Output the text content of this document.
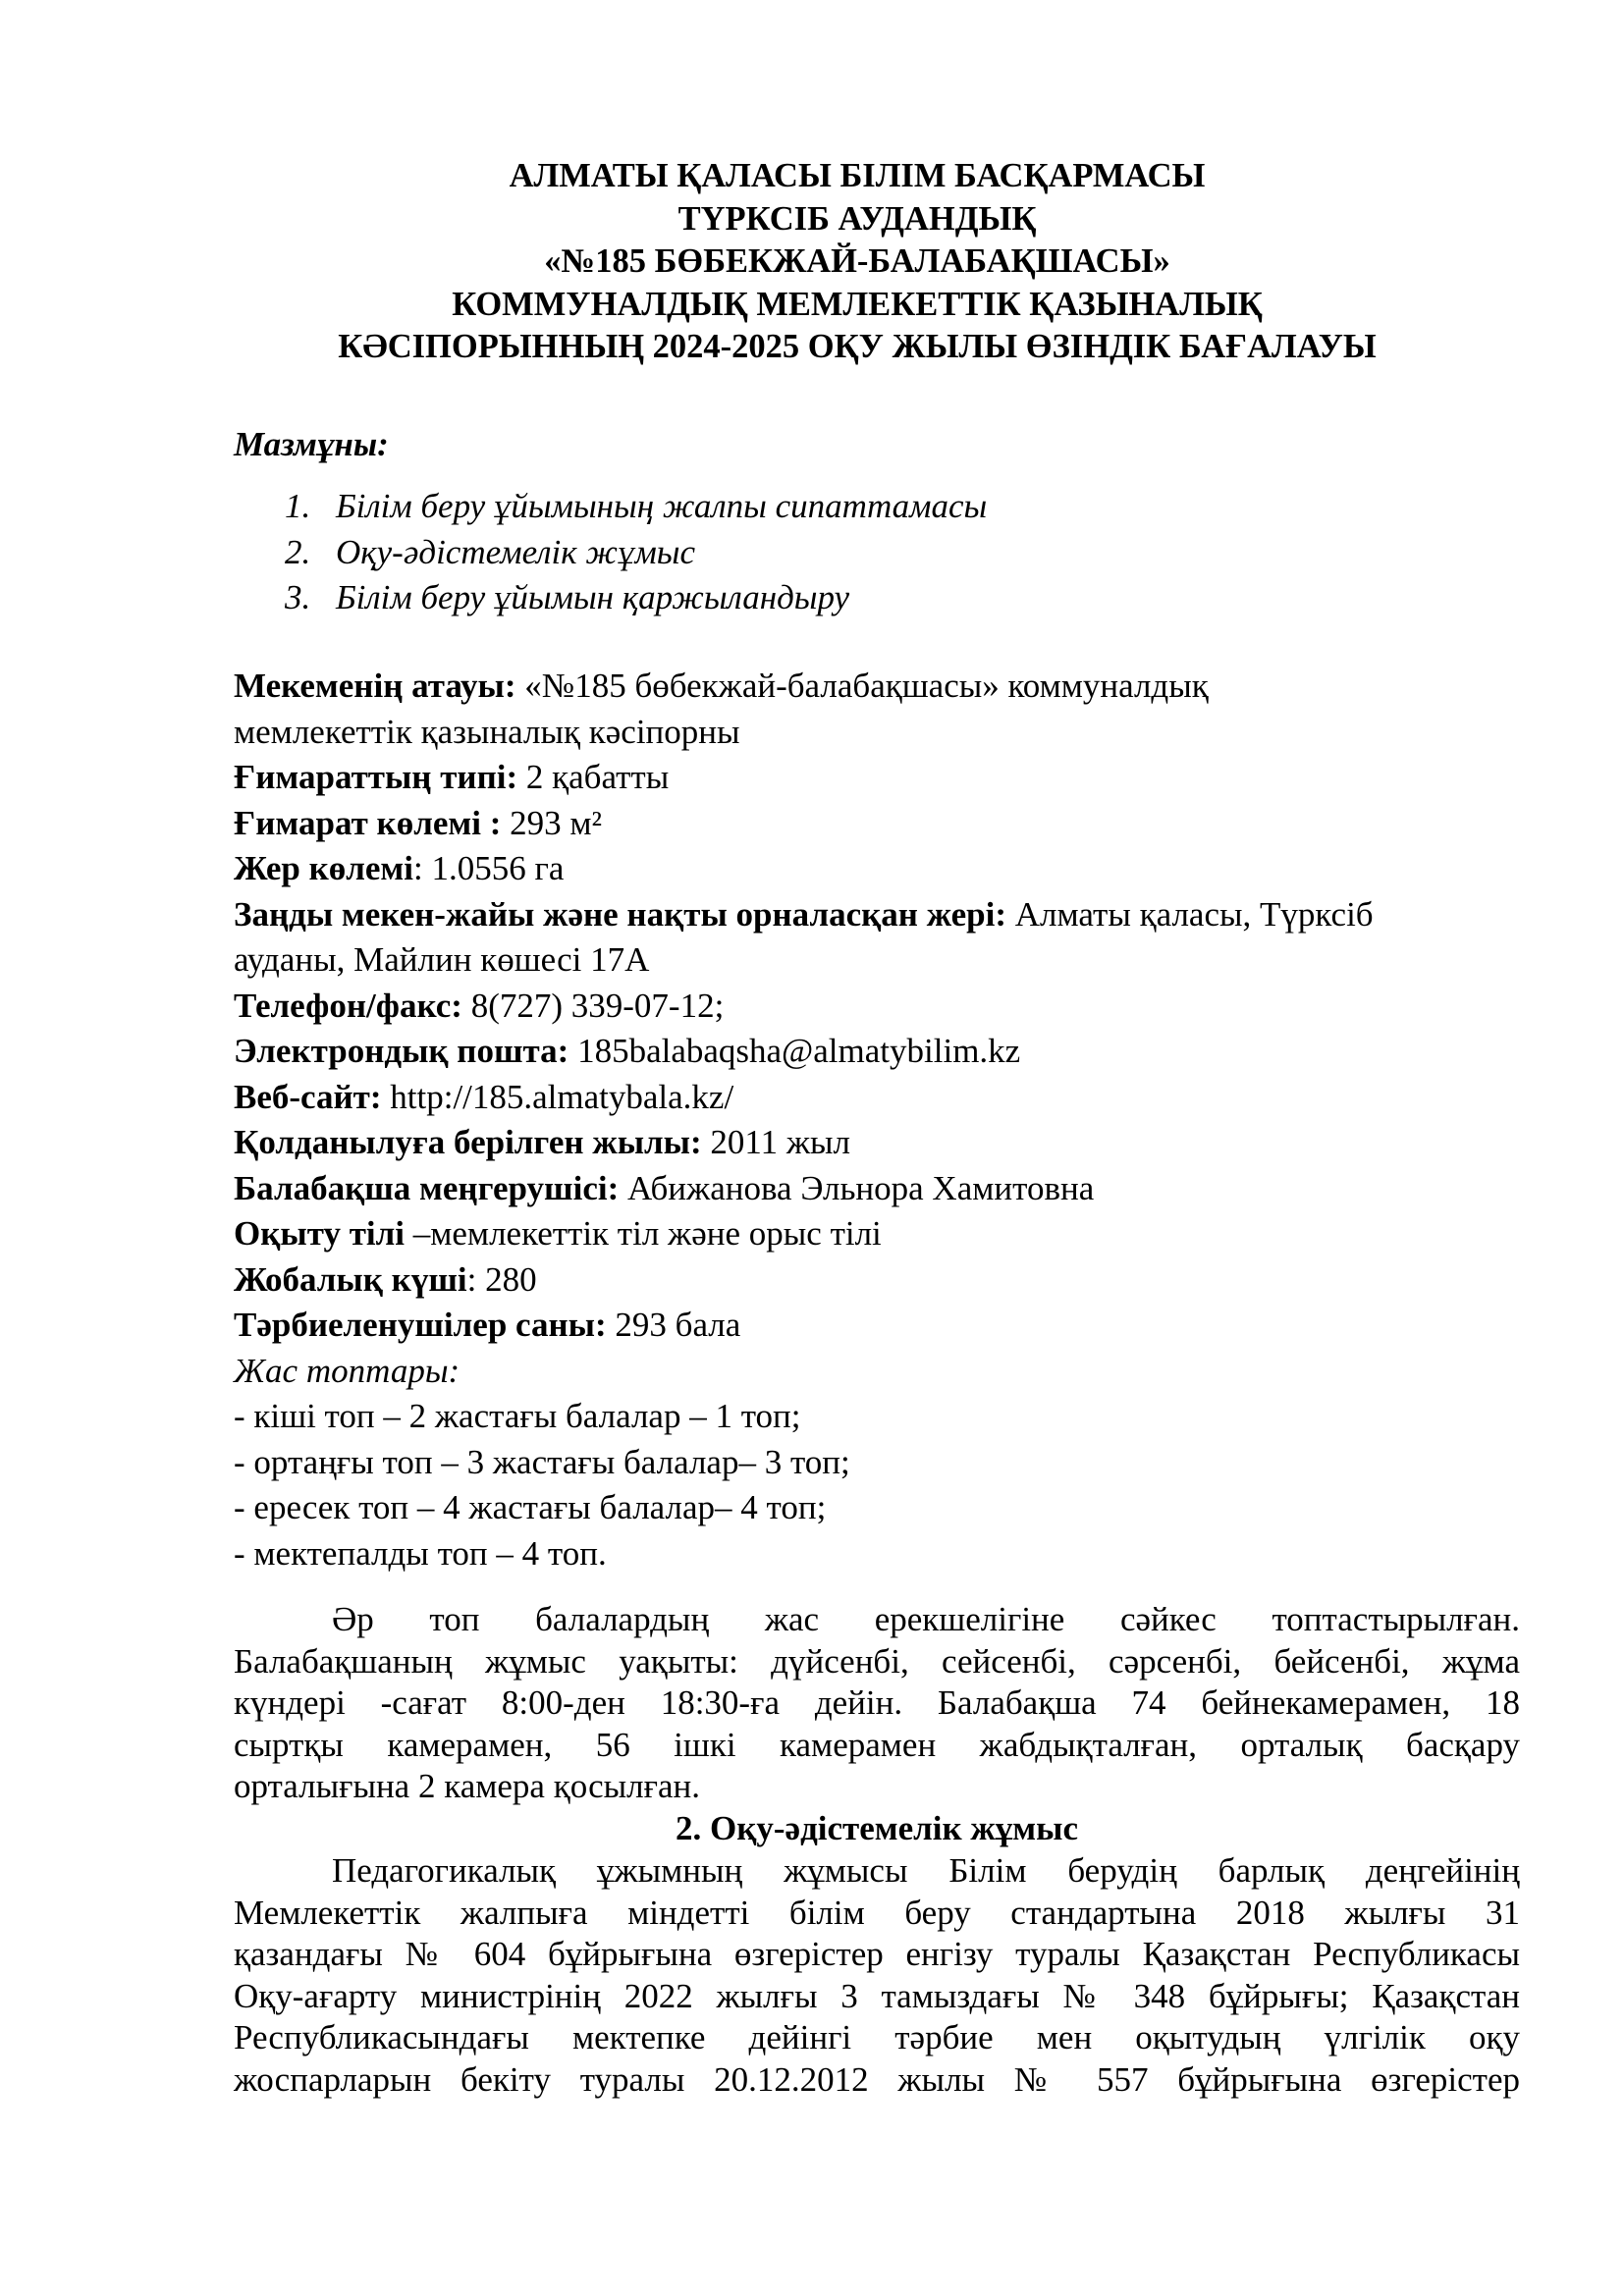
АЛМАТЫ ҚАЛАСЫ БІЛІМ БАСҚАРМАСЫ
ТҮРКСІБ АУДАНДЫҚ
«№185 БӨБЕКЖАЙ-БАЛАБАҚШАСЫ»
КОММУНАЛДЫҚ МЕМЛЕКЕТТІК ҚАЗЫНАЛЫҚ
КӘСІПОРЫННЫҢ 2024-2025 ОҚУ ЖЫЛЫ ӨЗІНДІК БАҒАЛАУЫ
Мазмұны:
1. Білім беру ұйымының жалпы сипаттамасы
2. Оқу-әдістемелік жұмыс
3. Білім беру ұйымын қаржыландыру
Мекеменің атауы: «№185 бөбекжай-балабақшасы» коммуналдық
мемлекеттік қазыналық кәсіпорны
Ғимараттың типі: 2 қабатты
Ғимарат көлемі : 293 м²
Жер көлемі: 1.0556 га
Заңды мекен-жайы және нақты орналасқан жері: Алматы қаласы, Түрксіб
ауданы, Майлин көшесі 17А
Телефон/факс: 8(727) 339-07-12;
Электрондық пошта: 185balabaqsha@almatybilim.kz
Веб-сайт: http://185.almatybala.kz/
Қолданылуға берілген жылы: 2011 жыл
Балабақша меңгерушісі: Абижанова Эльнора Хамитовна
Оқыту тілі –мемлекеттік тіл және орыс тілі
Жобалық күші: 280
Тәрбиеленушілер саны: 293 бала
Жас топтары:
- кіші топ – 2 жастағы балалар – 1 топ;
- ортаңғы топ – 3 жастағы балалар– 3 топ;
- ересек топ – 4 жастағы балалар– 4 топ;
- мектепалды топ – 4 топ.
Әр топ балалардың жас ерекшелігіне сәйкес топтастырылған.
Балабақшаның жұмыс уақыты: дүйсенбі, сейсенбі, сәрсенбі, бейсенбі, жұма
күндері -сағат 8:00-ден 18:30-ға дейін. Балабақша 74 бейнекамерамен, 18
сыртқы камерамен, 56 ішкі камерамен жабдықталған, орталық басқару
орталығына 2 камера қосылған.
2. Оқу-әдістемелік жұмыс
Педагогикалық ұжымның жұмысы Білім берудің барлық деңгейінің
Мемлекеттік жалпыға міндетті білім беру стандартына 2018 жылғы 31
қазандағы № 604 бұйрығына өзгерістер енгізу туралы Қазақстан Республикасы
Оқу-ағарту министрінің 2022 жылғы 3 тамыздағы № 348 бұйрығы; Қазақстан
Республикасындағы мектепке дейінгі тәрбие мен оқытудың үлгілік оқу
жоспарларын бекіту туралы 20.12.2012 жылы № 557 бұйрығына өзгерістер
